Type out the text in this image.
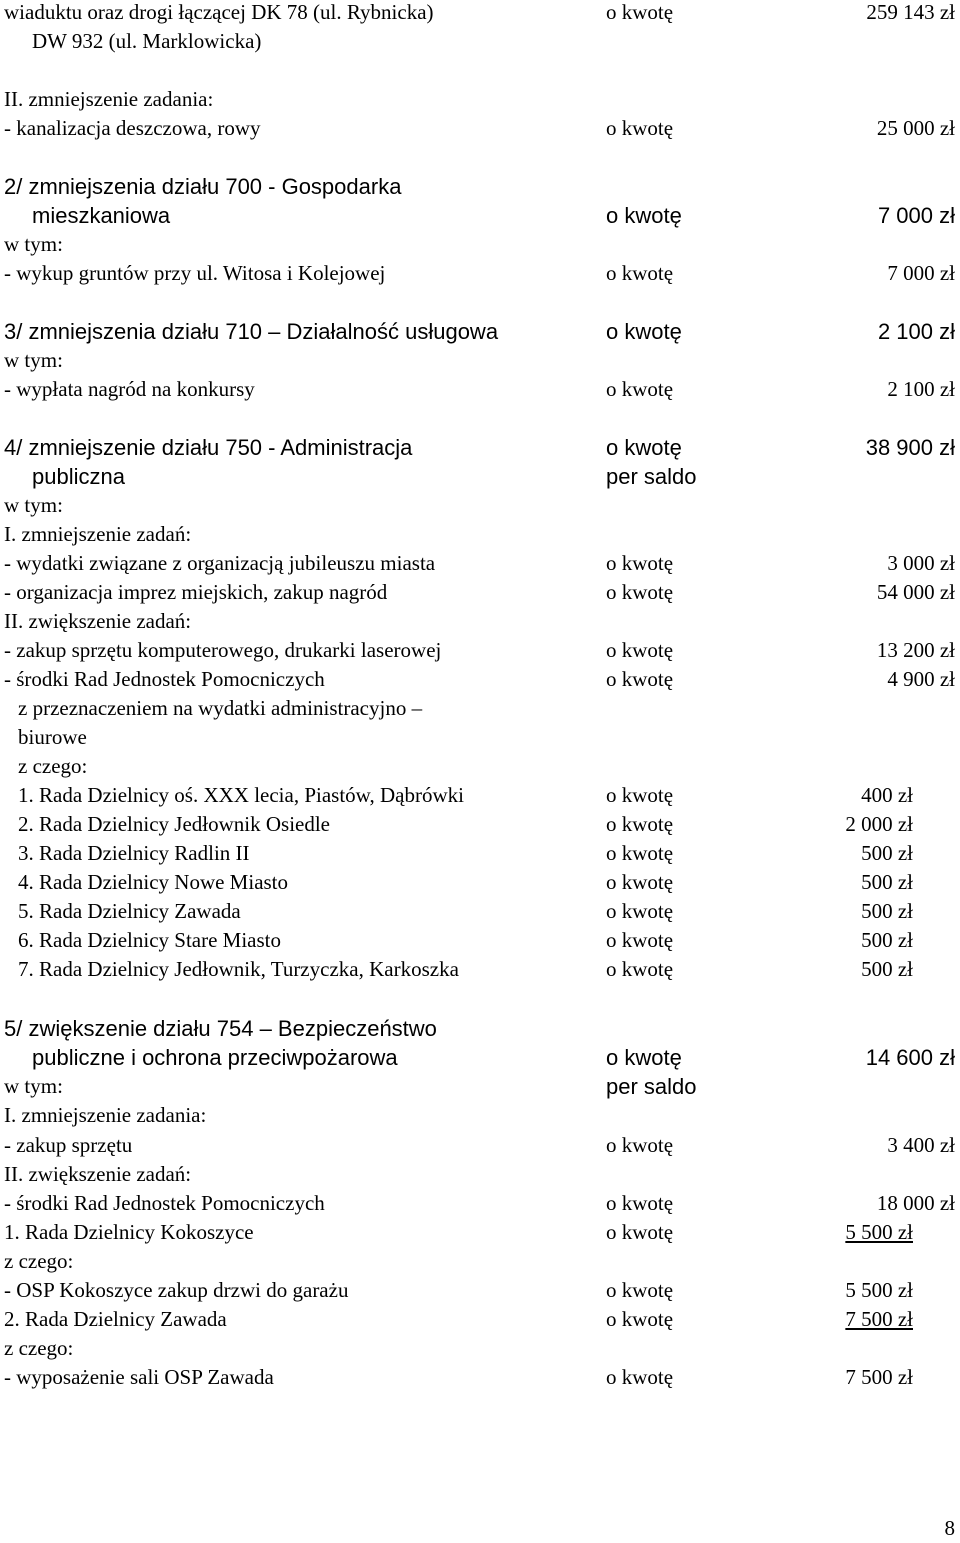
wiaduktu oraz drogi łączącej DK 78 (ul. Rybnicka)	o kwotę	259 143 zł
DW 932 (ul. Marklowicka)
II. zmniejszenie zadania:
- kanalizacja deszczowa, rowy	o kwotę	25 000 zł
2/ zmniejszenia działu 700 - Gospodarka
mieszkaniowa	o kwotę	7 000 zł
w tym:
- wykup gruntów przy ul. Witosa i Kolejowej	o kwotę	7 000 zł
3/ zmniejszenia działu 710 – Działalność usługowa	o kwotę	2 100 zł
w tym:
- wypłata nagród na konkursy	o kwotę	2 100 zł
4/ zmniejszenie działu 750 - Administracja	o kwotę	38 900 zł
publiczna	per saldo
w tym:
I. zmniejszenie zadań:
- wydatki związane z organizacją jubileuszu miasta	o kwotę	3 000 zł
- organizacja imprez miejskich, zakup nagród	o kwotę	54 000 zł
II. zwiększenie zadań:
- zakup sprzętu komputerowego, drukarki laserowej	o kwotę	13 200 zł
- środki Rad Jednostek Pomocniczych	o kwotę	4 900 zł
z przeznaczeniem na wydatki administracyjno –
biurowe
z czego:
1. Rada Dzielnicy oś. XXX lecia, Piastów, Dąbrówki	o kwotę	400 zł
2. Rada Dzielnicy Jedłownik Osiedle	o kwotę	2 000 zł
3. Rada Dzielnicy Radlin II	o kwotę	500 zł
4. Rada Dzielnicy Nowe Miasto	o kwotę	500 zł
5. Rada Dzielnicy Zawada	o kwotę	500 zł
6. Rada Dzielnicy Stare Miasto	o kwotę	500 zł
7. Rada Dzielnicy Jedłownik, Turzyczka, Karkoszka	o kwotę	500 zł
5/ zwiększenie działu 754 – Bezpieczeństwo
publiczne i ochrona przeciwpożarowa	o kwotę	14 600 zł
w tym:	per saldo
I. zmniejszenie zadania:
- zakup sprzętu	o kwotę	3 400 zł
II. zwiększenie zadań:
- środki Rad Jednostek Pomocniczych	o kwotę	18 000 zł
1. Rada Dzielnicy Kokoszyce	o kwotę	5 500 zł
z czego:
- OSP Kokoszyce zakup drzwi do garażu	o kwotę	5 500 zł
2. Rada Dzielnicy Zawada	o kwotę	7 500 zł
z czego:
- wyposażenie sali OSP Zawada	o kwotę	7 500 zł
8
